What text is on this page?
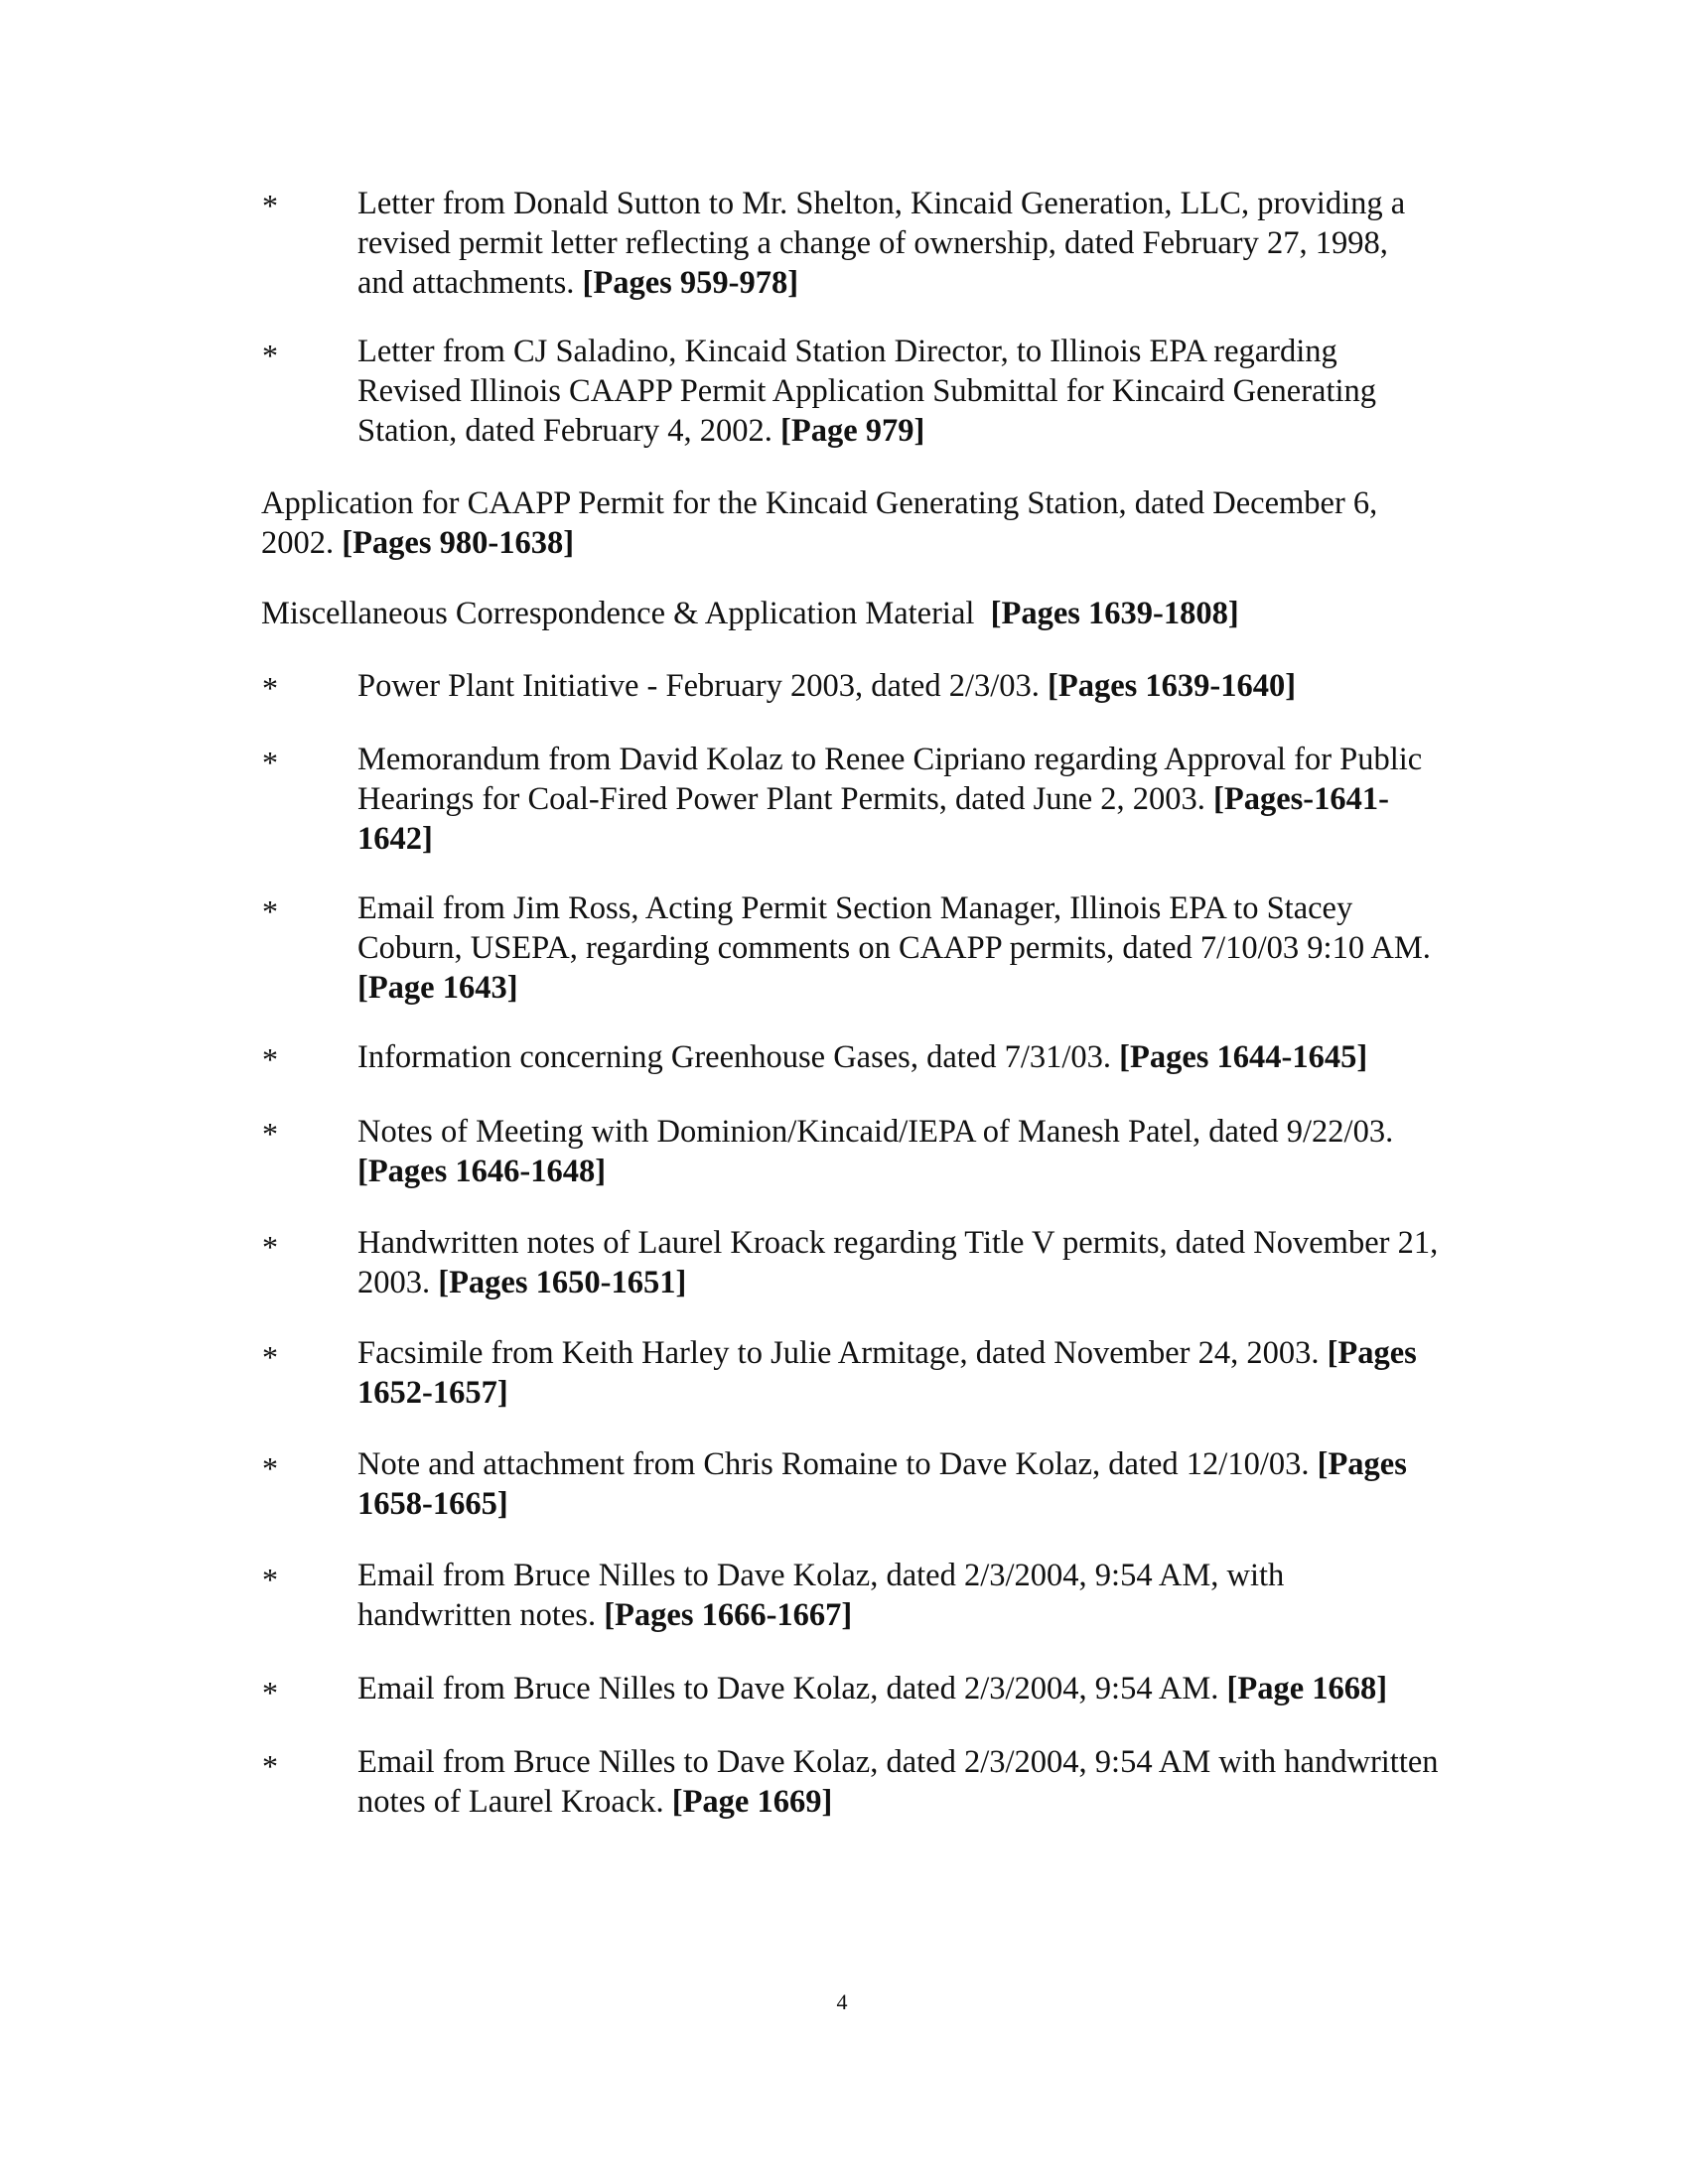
* Letter from Donald Sutton to Mr. Shelton, Kincaid Generation, LLC, providing a revised permit letter reflecting a change of ownership, dated February 27, 1998, and attachments. [Pages 959-978]
* Letter from CJ Saladino, Kincaid Station Director, to Illinois EPA regarding Revised Illinois CAAPP Permit Application Submittal for Kincaird Generating Station, dated February 4, 2002. [Page 979]
Application for CAAPP Permit for the Kincaid Generating Station, dated December 6, 2002. [Pages 980-1638]
Miscellaneous Correspondence & Application Material [Pages 1639-1808]
* Power Plant Initiative - February 2003, dated 2/3/03. [Pages 1639-1640]
* Memorandum from David Kolaz to Renee Cipriano regarding Approval for Public Hearings for Coal-Fired Power Plant Permits, dated June 2, 2003. [Pages-1641-1642]
* Email from Jim Ross, Acting Permit Section Manager, Illinois EPA to Stacey Coburn, USEPA, regarding comments on CAAPP permits, dated 7/10/03 9:10 AM. [Page 1643]
* Information concerning Greenhouse Gases, dated 7/31/03. [Pages 1644-1645]
* Notes of Meeting with Dominion/Kincaid/IEPA of Manesh Patel, dated 9/22/03. [Pages 1646-1648]
* Handwritten notes of Laurel Kroack regarding Title V permits, dated November 21, 2003. [Pages 1650-1651]
* Facsimile from Keith Harley to Julie Armitage, dated November 24, 2003. [Pages 1652-1657]
* Note and attachment from Chris Romaine to Dave Kolaz, dated 12/10/03. [Pages 1658-1665]
* Email from Bruce Nilles to Dave Kolaz, dated 2/3/2004, 9:54 AM, with handwritten notes. [Pages 1666-1667]
* Email from Bruce Nilles to Dave Kolaz, dated 2/3/2004, 9:54 AM. [Page 1668]
* Email from Bruce Nilles to Dave Kolaz, dated 2/3/2004, 9:54 AM with handwritten notes of Laurel Kroack. [Page 1669]
4
